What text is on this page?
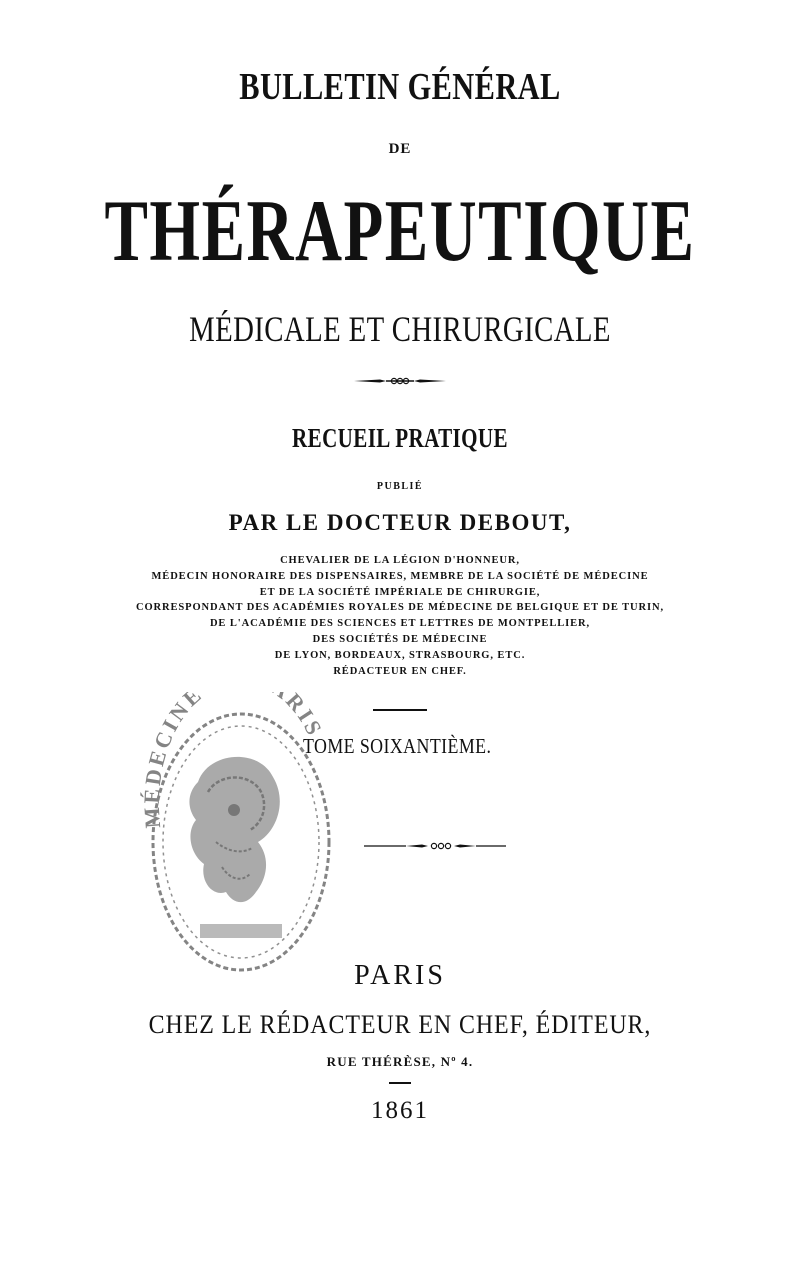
BULLETIN GÉNÉRAL
DE
THÉRAPEUTIQUE
MÉDICALE ET CHIRURGICALE
RECUEIL PRATIQUE
PUBLIÉ
PAR LE DOCTEUR DEBOUT,
CHEVALIER DE LA LÉGION D'HONNEUR,
MÉDECIN HONORAIRE DES DISPENSAIRES, MEMBRE DE LA SOCIÉTÉ DE MÉDECINE
ET DE LA SOCIÉTÉ IMPÉRIALE DE CHIRURGIE,
CORRESPONDANT DES ACADÉMIES ROYALES DE MÉDECINE DE BELGIQUE ET DE TURIN,
DE L'ACADÉMIE DES SCIENCES ET LETTRES DE MONTPELLIER,
DES SOCIÉTÉS DE MÉDECINE
DE LYON, BORDEAUX, STRASBOURG, ETC.
RÉDACTEUR EN CHEF.
MÉDECINE RIS
TOME SOIXANTIÈME.
PARIS
CHEZ LE RÉDACTEUR EN CHEF, ÉDITEUR,
RUE THÉRÈSE, Nº 4.
1861
